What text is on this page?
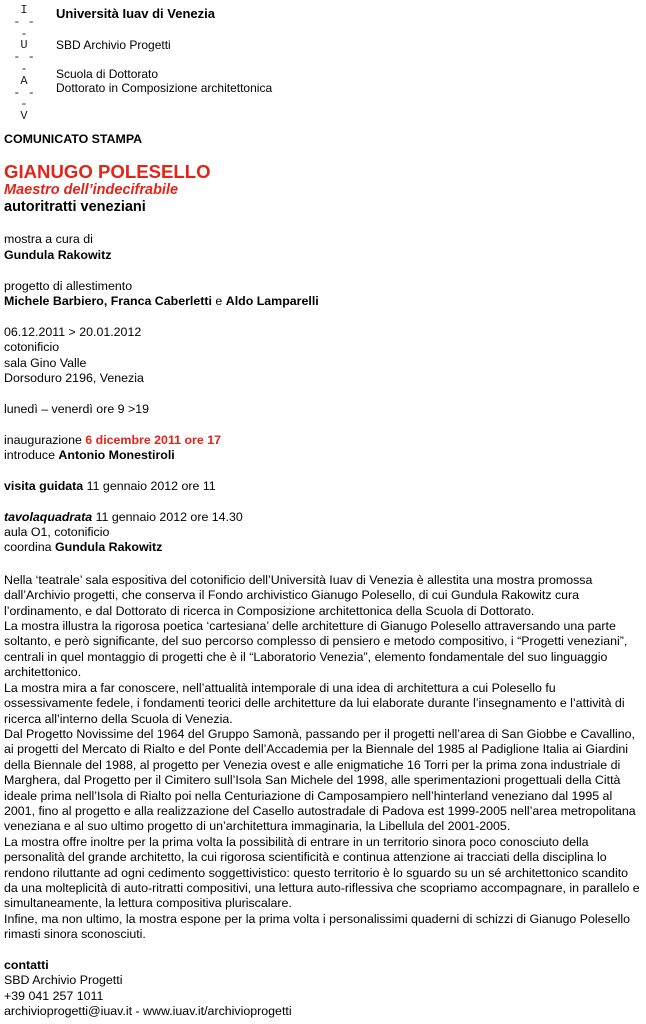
I
- - -
U
- - -
A
- - -
V
Università Iuav di Venezia
SBD Archivio Progetti
Scuola di Dottorato
Dottorato in Composizione architettonica

COMUNICATO STAMPA

GIANUGO POLESELLO

Maestro dell’indecifrabile

autoritratti veneziani

mostra a cura di

Gundula Rakowitz

progetto di allestimento

Michele Barbiero, Franca Caberletti e Aldo Lamparelli

06.12.2011 > 20.01.2012

cotonificio

sala Gino Valle

Dorsoduro 2196, Venezia

lunedì – venerdì ore 9 >19

inaugurazione 6 dicembre 2011 ore 17

introduce Antonio Monestiroli

visita guidata 11 gennaio 2012 ore 11

tavolaquadrata 11 gennaio 2012 ore 14.30

aula O1, cotonificio

coordina Gundula Rakowitz

Nella ‘teatrale’ sala espositiva del cotonificio dell’Università Iuav di Venezia è allestita una mostra promossa dall’Archivio progetti, che conserva il Fondo archivistico Gianugo Polesello, di cui Gundula Rakowitz cura l’ordinamento, e dal Dottorato di ricerca in Composizione architettonica della Scuola di Dottorato.

La mostra illustra la rigorosa poetica ‘cartesiana’ delle architetture di Gianugo Polesello attraversando una parte soltanto, e però significante, del suo percorso complesso di pensiero e metodo compositivo, i “Progetti veneziani”, centrali in quel montaggio di progetti che è il “Laboratorio Venezia”, elemento fondamentale del suo linguaggio architettonico.

La mostra mira a far conoscere, nell’attualità intemporale di una idea di architettura a cui Polesello fu ossessivamente fedele, i fondamenti teorici delle architetture da lui elaborate durante l’insegnamento e l’attività di ricerca all’interno della Scuola di Venezia.

Dal Progetto Novissime del 1964 del Gruppo Samonà, passando per il progetti nell’area di San Giobbe e Cavallino, ai progetti del Mercato di Rialto e del Ponte dell’Accademia per la Biennale del 1985 al Padiglione Italia ai Giardini della Biennale del 1988, al progetto per Venezia ovest e alle enigmatiche 16 Torri per la prima zona industriale di Marghera, dal Progetto per il Cimitero sull’Isola San Michele del 1998, alle sperimentazioni progettuali della Città ideale prima nell’Isola di Rialto poi nella Centuriazione di Camposampiero nell’hinterland veneziano dal 1995 al 2001, fino al progetto e alla realizzazione del Casello autostradale di Padova est 1999-2005 nell’area metropolitana veneziana e al suo ultimo progetto di un’architettura immaginaria, la Libellula del 2001-2005.

La mostra offre inoltre per la prima volta la possibilità di entrare in un territorio sinora poco conosciuto della personalità del grande architetto, la cui rigorosa scientificità e continua attenzione ai tracciati della disciplina lo rendono riluttante ad ogni cedimento soggettivistico: questo territorio è lo sguardo su un sé architettonico scandito da una molteplicità di auto-ritratti compositivi, una lettura auto-riflessiva che scopriamo accompagnare, in parallelo e simultaneamente, la lettura compositiva pluriscalare.

Infine, ma non ultimo, la mostra espone per la prima volta i personalissimi quaderni di schizzi di Gianugo Polesello rimasti sinora sconosciuti.

contatti

SBD Archivio Progetti

+39 041 257 1011

archivioprogetti@iuav.it - www.iuav.it/archivioprogetti
